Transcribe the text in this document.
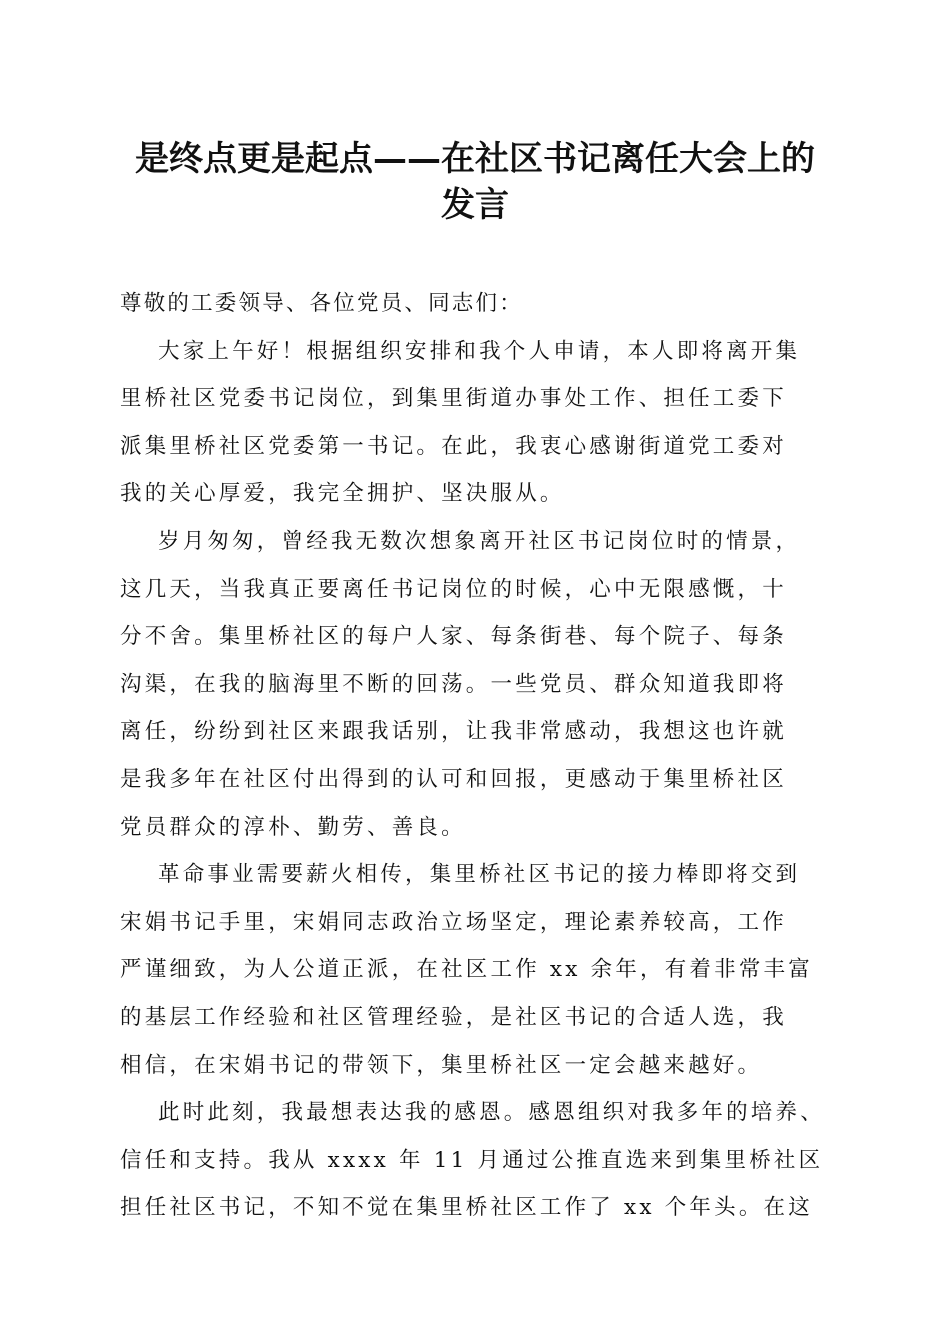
是终点更是起点——在社区书记离任大会上的
发言
尊敬的工委领导、各位党员、同志们：
大家上午好！根据组织安排和我个人申请，本人即将离开集
里桥社区党委书记岗位，到集里街道办事处工作、担任工委下
派集里桥社区党委第一书记。在此，我衷心感谢街道党工委对
我的关心厚爱，我完全拥护、坚决服从。
岁月匆匆，曾经我无数次想象离开社区书记岗位时的情景，
这几天，当我真正要离任书记岗位的时候，心中无限感慨，十
分不舍。集里桥社区的每户人家、每条街巷、每个院子、每条
沟渠，在我的脑海里不断的回荡。一些党员、群众知道我即将
离任，纷纷到社区来跟我话别，让我非常感动，我想这也许就
是我多年在社区付出得到的认可和回报，更感动于集里桥社区
党员群众的淳朴、勤劳、善良。
革命事业需要薪火相传，集里桥社区书记的接力棒即将交到
宋娟书记手里，宋娟同志政治立场坚定，理论素养较高，工作
严谨细致，为人公道正派，在社区工作 xx 余年，有着非常丰富
的基层工作经验和社区管理经验，是社区书记的合适人选，我
相信，在宋娟书记的带领下，集里桥社区一定会越来越好。
此时此刻，我最想表达我的感恩。感恩组织对我多年的培养、
信任和支持。我从 xxxx 年 11 月通过公推直选来到集里桥社区
担任社区书记，不知不觉在集里桥社区工作了 xx 个年头。在这
